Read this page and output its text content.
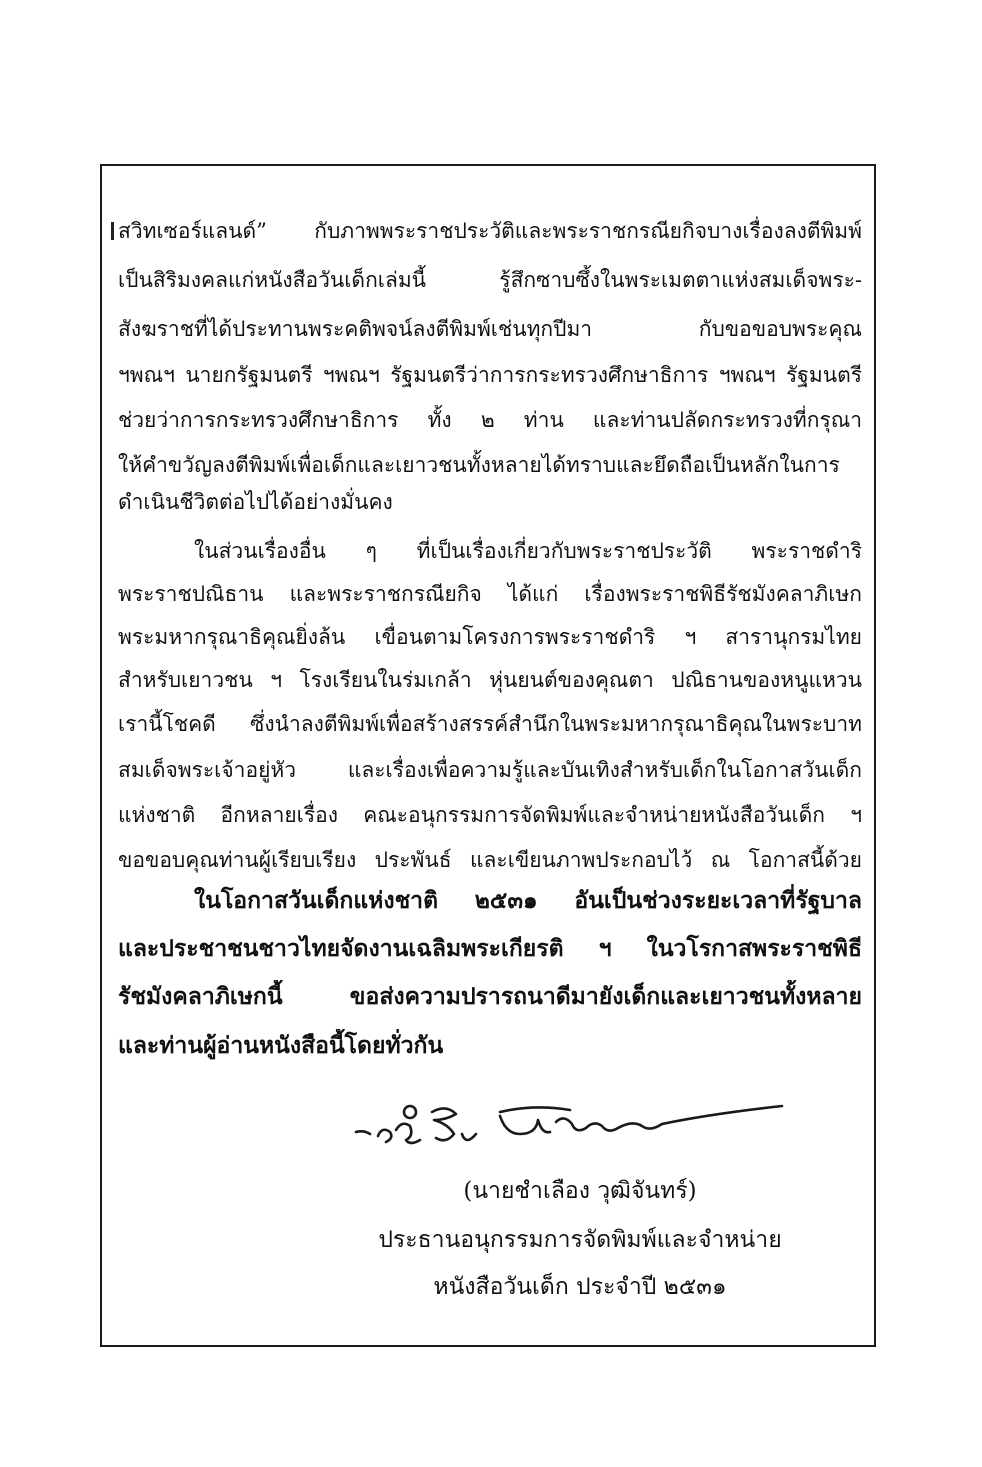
สวิทเซอร์แลนด์” กับภาพพระราชประวัติและพระราชกรณียกิจบางเรื่องลงตีพิมพ์
เป็นสิริมงคลแก่หนังสือวันเด็กเล่มนี้ รู้สึกซาบซึ้งในพระเมตตาแห่งสมเด็จพระ-
สังฆราชที่ได้ประทานพระคติพจน์ลงตีพิมพ์เช่นทุกปีมา กับขอขอบพระคุณ
ฯพณฯ นายกรัฐมนตรี ฯพณฯ รัฐมนตรีว่าการกระทรวงศึกษาธิการ ฯพณฯ รัฐมนตรี
ช่วยว่าการกระทรวงศึกษาธิการ ทั้ง ๒ ท่าน และท่านปลัดกระทรวงที่กรุณา
ให้คำขวัญลงตีพิมพ์เพื่อเด็กและเยาวชนทั้งหลายได้ทราบและยึดถือเป็นหลักในการ
ดำเนินชีวิตต่อไปได้อย่างมั่นคง
ในส่วนเรื่องอื่น ๆ ที่เป็นเรื่องเกี่ยวกับพระราชประวัติ พระราชดำริ
พระราชปณิธาน และพระราชกรณียกิจ ได้แก่ เรื่องพระราชพิธีรัชมังคลาภิเษก
พระมหากรุณาธิคุณยิ่งล้น เขื่อนตามโครงการพระราชดำริ ฯ สารานุกรมไทย
สำหรับเยาวชน ฯ โรงเรียนในร่มเกล้า หุ่นยนต์ของคุณตา ปณิธานของหนูแหวน
เรานี้โชคดี ซึ่งนำลงตีพิมพ์เพื่อสร้างสรรค์สำนึกในพระมหากรุณาธิคุณในพระบาท
สมเด็จพระเจ้าอยู่หัว และเรื่องเพื่อความรู้และบันเทิงสำหรับเด็กในโอกาสวันเด็ก
แห่งชาติ อีกหลายเรื่อง คณะอนุกรรมการจัดพิมพ์และจำหน่ายหนังสือวันเด็ก ฯ
ขอขอบคุณท่านผู้เรียบเรียง ประพันธ์ และเขียนภาพประกอบไว้ ณ โอกาสนี้ด้วย
ในโอกาสวันเด็กแห่งชาติ ๒๕๓๑ อันเป็นช่วงระยะเวลาที่รัฐบาล
และประชาชนชาวไทยจัดงานเฉลิมพระเกียรติ ฯ ในวโรกาสพระราชพิธี
รัชมังคลาภิเษกนี้ ขอส่งความปรารถนาดีมายังเด็กและเยาวชนทั้งหลาย
และท่านผู้อ่านหนังสือนี้โดยทั่วกัน
(นายชำเลือง วุฒิจันทร์)
ประธานอนุกรรมการจัดพิมพ์และจำหน่าย
หนังสือวันเด็ก ประจำปี ๒๕๓๑
